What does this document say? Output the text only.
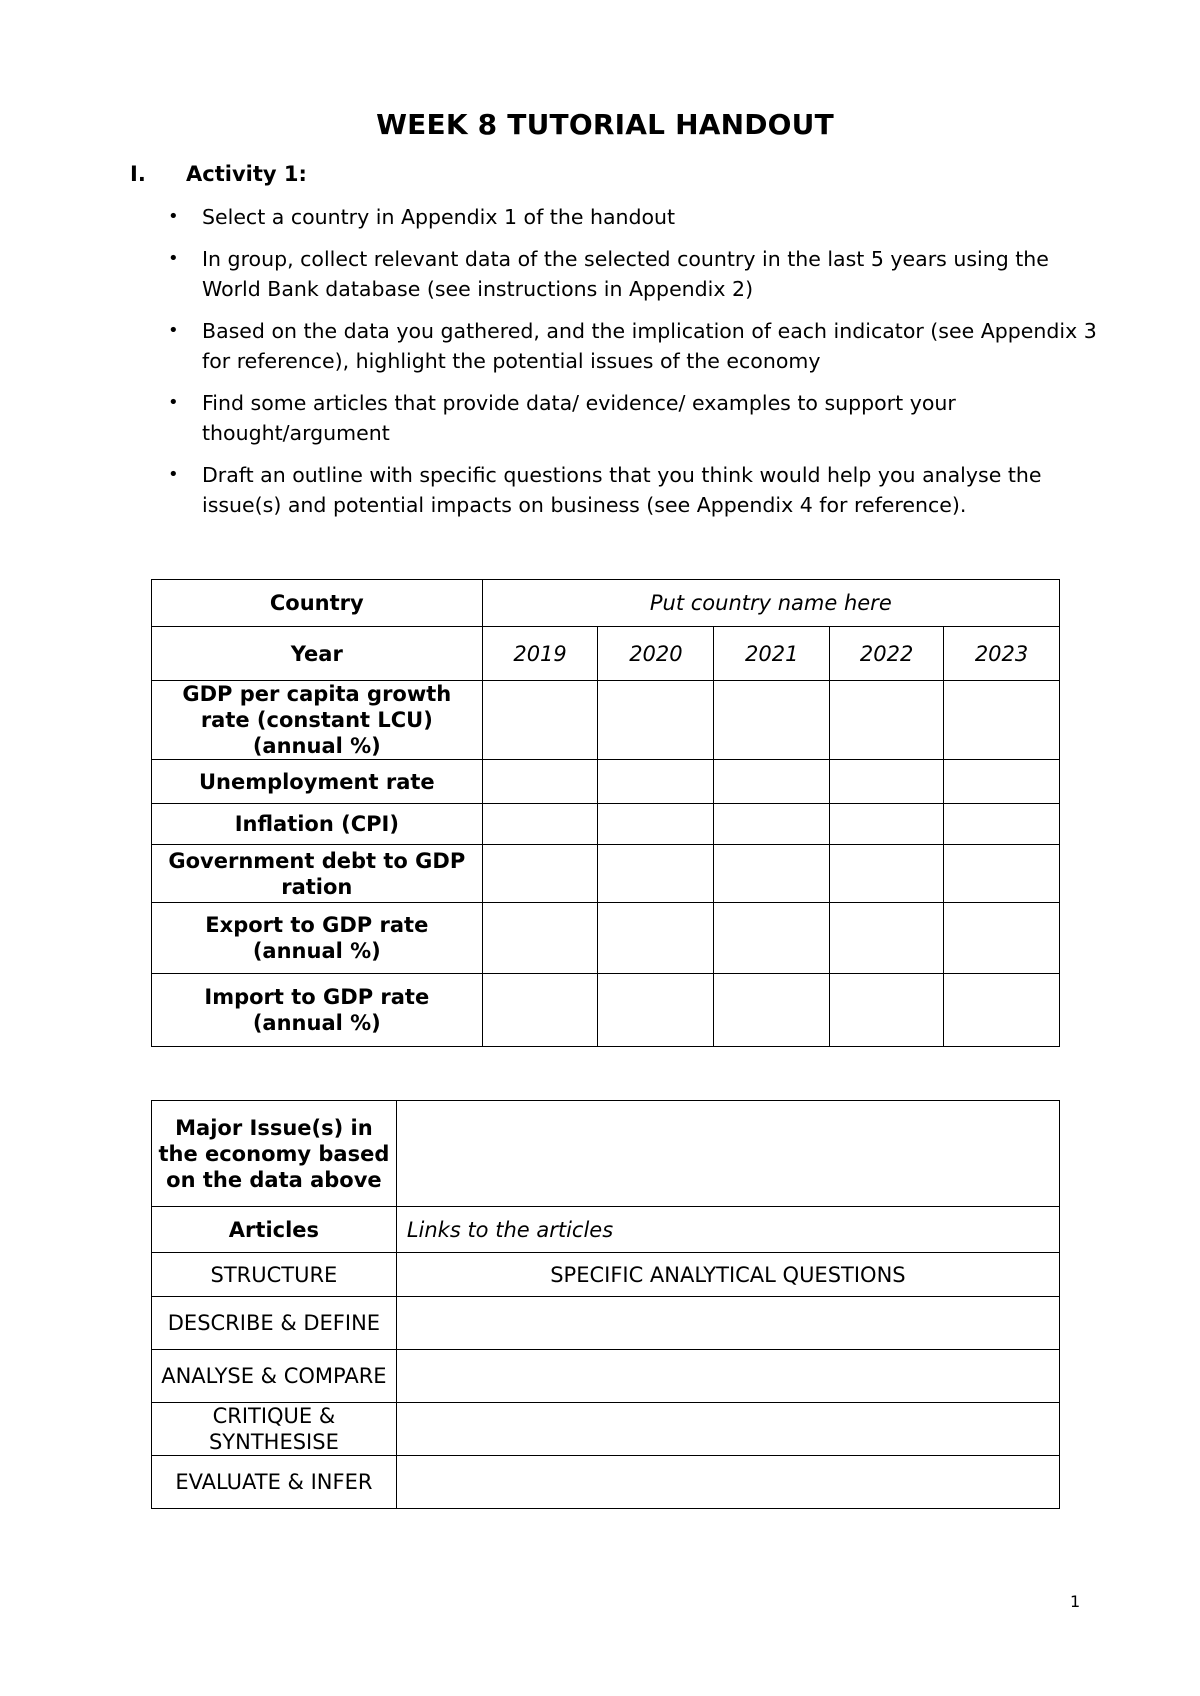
WEEK 8 TUTORIAL HANDOUT
I. Activity 1:
• Select a country in Appendix 1 of the handout
• In group, collect relevant data of the selected country in the last 5 years using the World Bank database (see instructions in Appendix 2)
• Based on the data you gathered, and the implication of each indicator (see Appendix 3 for reference), highlight the potential issues of the economy
• Find some articles that provide data/ evidence/ examples to support your thought/argument
• Draft an outline with specific questions that you think would help you analyse the issue(s) and potential impacts on business (see Appendix 4 for reference).
Country	Put country name here				
Year	2019	2020	2021	2022	2023
GDP per capita growth rate (constant LCU) (annual %)					
Unemployment rate					
Inflation (CPI)					
Government debt to GDP ration					
Export to GDP rate (annual %)					
Import to GDP rate (annual %)					
Major Issue(s) in the economy based on the data above	
Articles	Links to the articles
STRUCTURE	SPECIFIC ANALYTICAL QUESTIONS
DESCRIBE & DEFINE	
ANALYSE & COMPARE	
CRITIQUE & SYNTHESISE	
EVALUATE & INFER	
1
